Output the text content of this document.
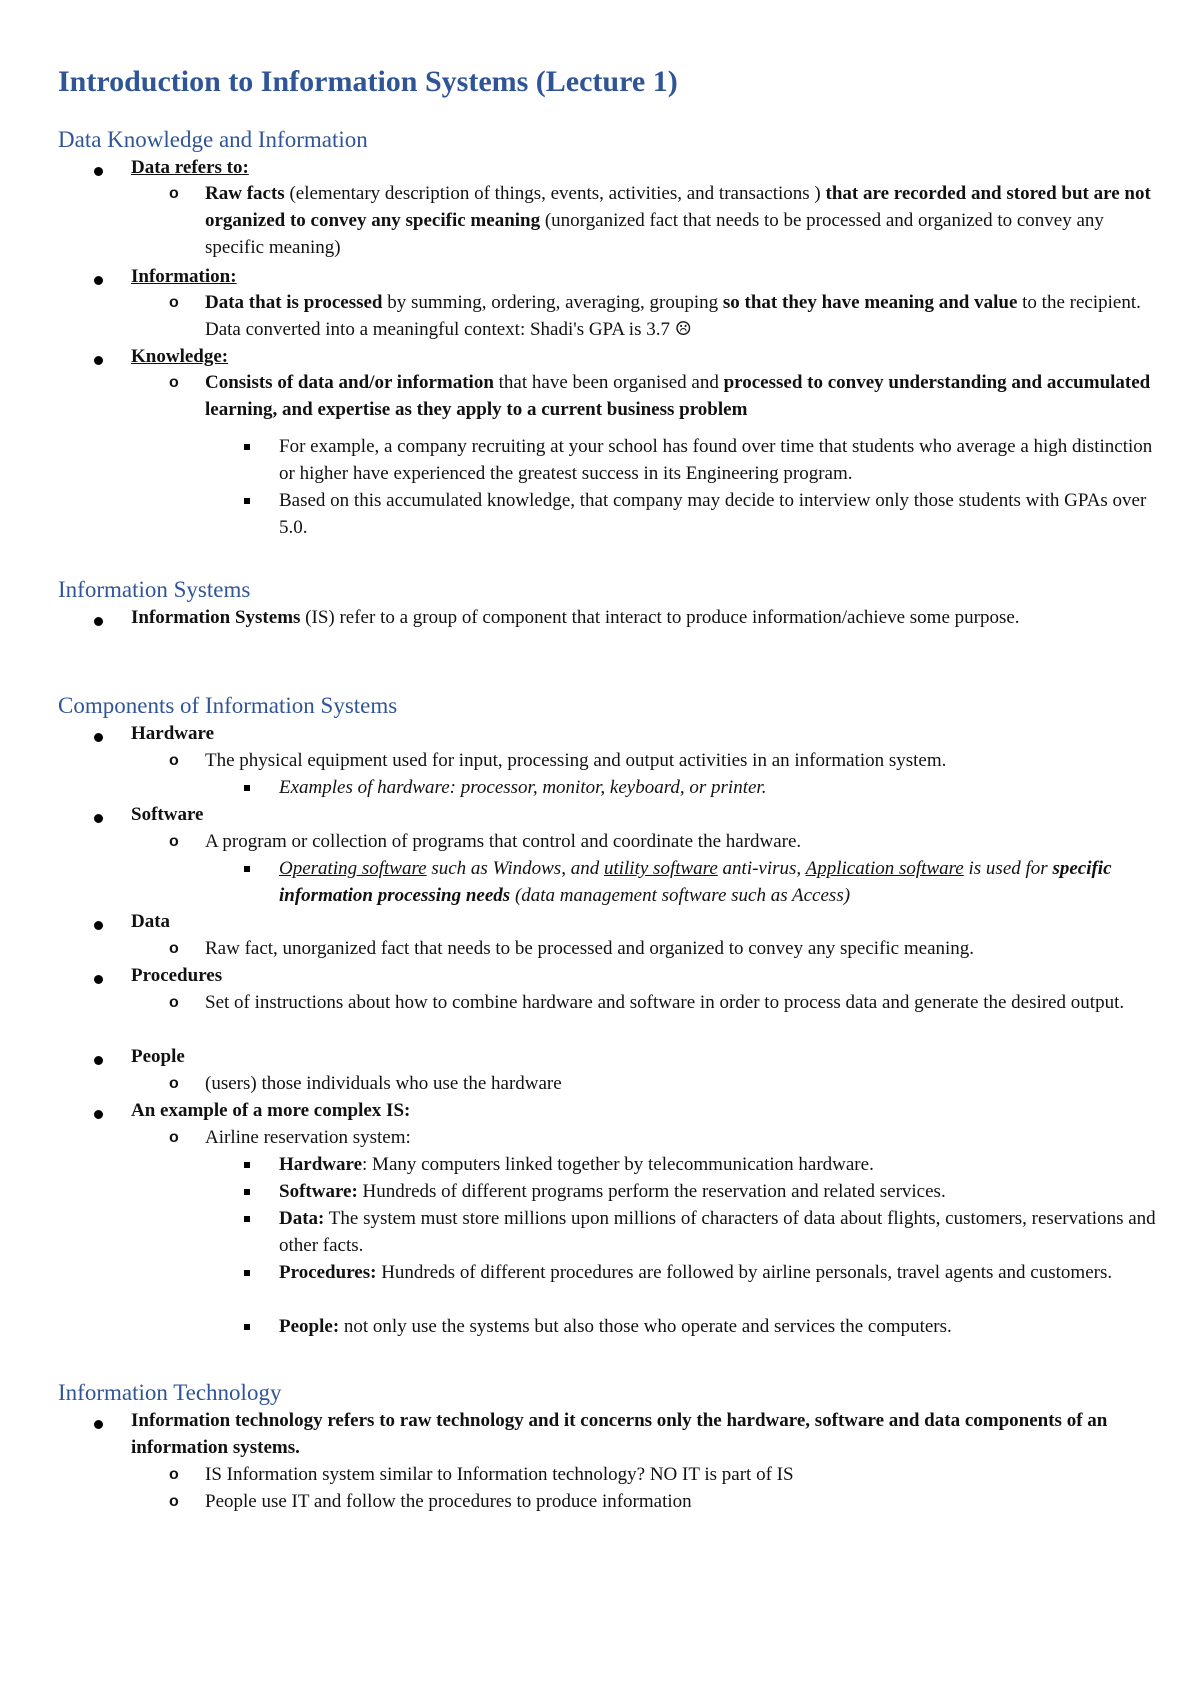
Introduction to Information Systems (Lecture 1)
Data Knowledge and Information

Data refers to:

o Raw facts (elementary description of things, events, activities, and transactions ) that are recorded and stored but are not organized to convey any specific meaning (unorganized fact that needs to be processed and organized to convey any specific meaning)

Information:

o Data that is processed by summing, ordering, averaging, grouping so that they have meaning and value to the recipient. Data converted into a meaningful context: Shadi's GPA is 3.7 ☹

Knowledge:

o Consists of data and/or information that have been organised and processed to convey understanding and accumulated learning, and expertise as they apply to a current business problem

For example, a company recruiting at your school has found over time that students who average a high distinction or higher have experienced the greatest success in its Engineering program.

Based on this accumulated knowledge, that company may decide to interview only those students with GPAs over 5.0.

Information Systems

Information Systems (IS) refer to a group of component that interact to produce information/achieve some purpose.

Components of Information Systems

Hardware

o The physical equipment used for input, processing and output activities in an information system.

Examples of hardware: processor, monitor, keyboard, or printer.

Software

o A program or collection of programs that control and coordinate the hardware.

Operating software such as Windows, and utility software anti-virus, Application software is used for specific information processing needs (data management software such as Access)

Data

o Raw fact, unorganized fact that needs to be processed and organized to convey any specific meaning.

Procedures

o Set of instructions about how to combine hardware and software in order to process data and generate the desired output.

People

o (users) those individuals who use the hardware

An example of a more complex IS:

o Airline reservation system:

Hardware: Many computers linked together by telecommunication hardware.

Software: Hundreds of different programs perform the reservation and related services.

Data: The system must store millions upon millions of characters of data about flights, customers, reservations and other facts.

Procedures: Hundreds of different procedures are followed by airline personals, travel agents and customers.

People: not only use the systems but also those who operate and services the computers.

Information Technology

Information technology refers to raw technology and it concerns only the hardware, software and data components of an information systems.

o IS Information system similar to Information technology? NO IT is part of IS

o People use IT and follow the procedures to produce information
